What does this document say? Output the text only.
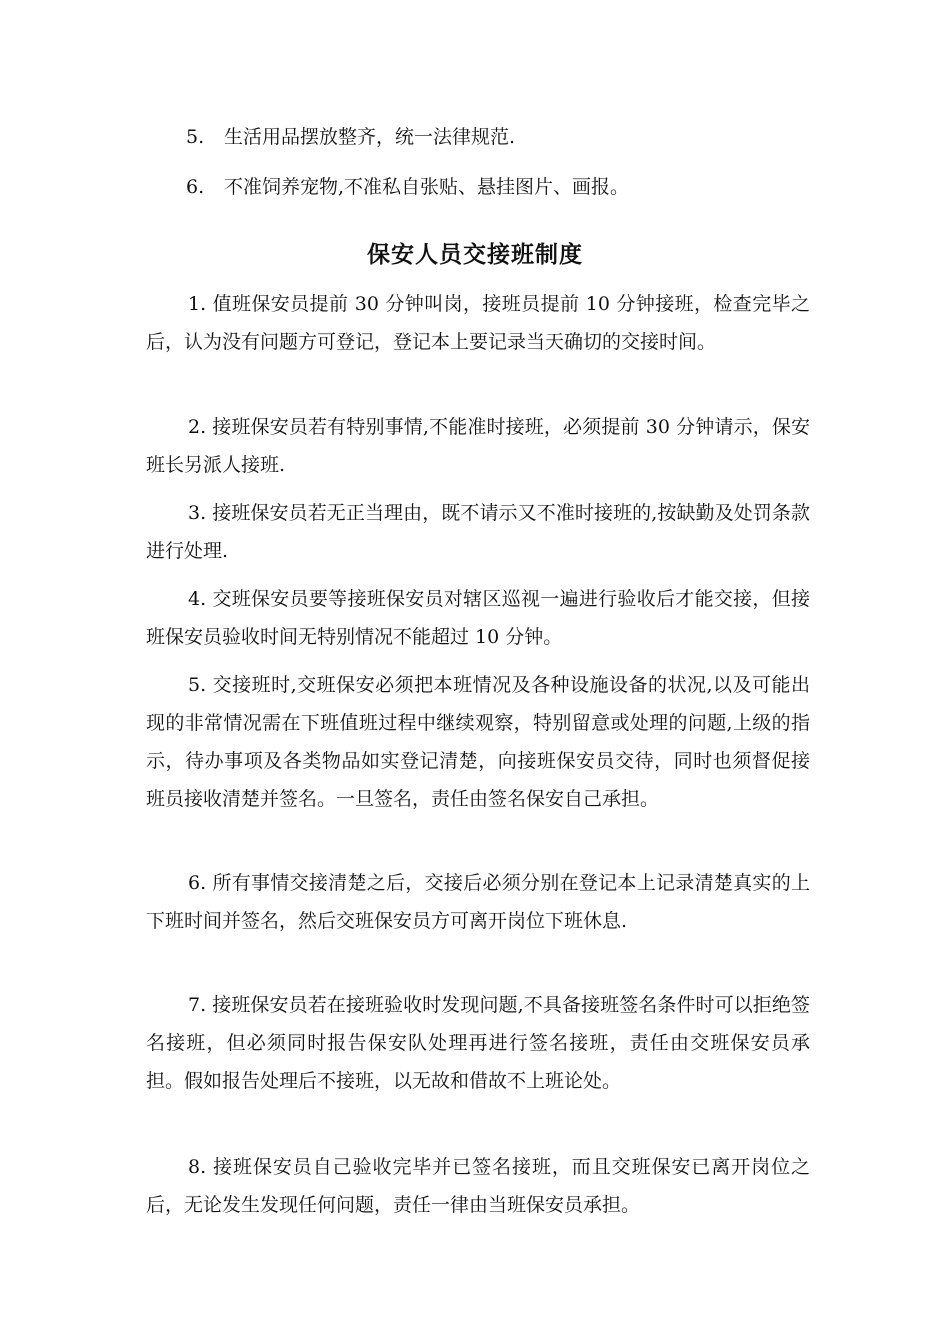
5. 生活用品摆放整齐，统一法律规范.
6. 不准饲养宠物,不准私自张贴、悬挂图片、画报。
保安人员交接班制度

1. 值班保安员提前 30 分钟叫岗，接班员提前 10 分钟接班，检查完毕之后，认为没有问题方可登记，登记本上要记录当天确切的交接时间。

2. 接班保安员若有特别事情,不能准时接班，必须提前 30 分钟请示，保安班长另派人接班.

3. 接班保安员若无正当理由，既不请示又不准时接班的,按缺勤及处罚条款进行处理.

4. 交班保安员要等接班保安员对辖区巡视一遍进行验收后才能交接，但接班保安员验收时间无特别情况不能超过 10 分钟。

5. 交接班时,交班保安必须把本班情况及各种设施设备的状况,以及可能出现的非常情况需在下班值班过程中继续观察，特别留意或处理的问题,上级的指示，待办事项及各类物品如实登记清楚，向接班保安员交待，同时也须督促接班员接收清楚并签名。一旦签名，责任由签名保安自己承担。

6. 所有事情交接清楚之后，交接后必须分别在登记本上记录清楚真实的上下班时间并签名，然后交班保安员方可离开岗位下班休息.

7. 接班保安员若在接班验收时发现问题,不具备接班签名条件时可以拒绝签名接班，但必须同时报告保安队处理再进行签名接班，责任由交班保安员承担。假如报告处理后不接班，以无故和借故不上班论处。

8. 接班保安员自己验收完毕并已签名接班，而且交班保安已离开岗位之后，无论发生发现任何问题，责任一律由当班保安员承担。
